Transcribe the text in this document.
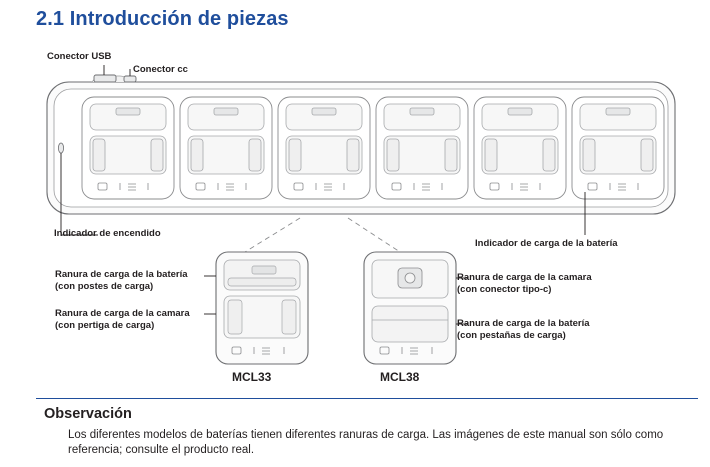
2.1 Introducción de piezas
Conector USB
Conector cc
Indicador de encendido
Indicador de carga de la batería
Ranura de carga de la batería
(con postes de carga)
Ranura de carga de la camara
(con pertiga de carga)
Ranura de carga de la camara
(con conector tipo-c)
Ranura de carga de la batería
(con pestañas de carga)
MCL33	MCL38
Observación
Los diferentes modelos de baterías tienen diferentes ranuras de carga. Las imágenes de este manual son sólo como referencia; consulte el producto real.
